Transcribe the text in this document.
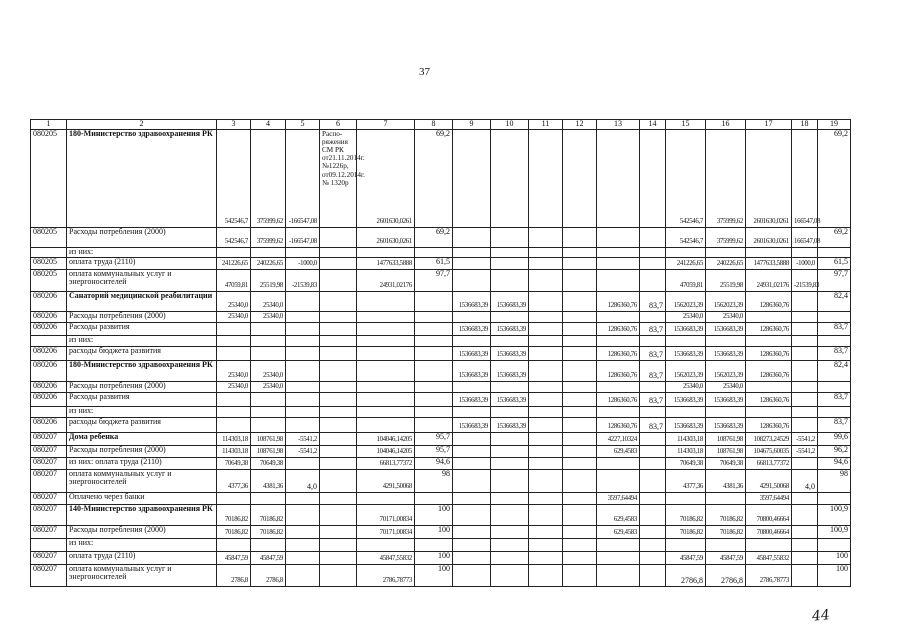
37
1	2	3	4	5	6	7	8	9	10	11	12	13	14	15	16	17	18	19
080205	180-Министерство здравоохранения РК	542546,7	375999,62	-166547,08	Распо-ряжения СМ РК от21.11.2014г. №1226р, от09.12.2014г. № 1320р	2601630,0261	69,2							542546,7	375999,62	2601630,0261	166547,08	69,2
080205	Расходы потребления (2000)	542546,7	375999,62	-166547,08		2601630,0261	69,2							542546,7	375999,62	2601630,0261	166547,08	69,2
	из них:																	
080205	оплата труда (2110)	241226,65	240226,65	-1000,0		1477633,5888	61,5							241226,65	240226,65	1477633,5888	-1000,0	61,5
080205	оплата коммунальных услуг и энергоносителей	47059,81	25519,98	-21539,83		24931,02176	97,7							47059,81	25519,98	24931,02176	-21539,83	97,7
080206	Санаторий медицинской реабилитации	25340,0	25340,0					1536683,39	1536683,39			1286360,76	83,7	1562023,39	1562023,39	1286360,76		82,4
080206	Расходы потребления (2000)	25340,0	25340,0											25340,0	25340,0			
080206	Расходы развития							1536683,39	1536683,39			1286360,76	83,7	1536683,39	1536683,39	1286360,76		83,7
	из них:																	
080206	расходы бюджета развития							1536683,39	1536683,39			1286360,76	83,7	1536683,39	1536683,39	1286360,76		83,7
080206	180-Министерство здравоохранения РК	25340,0	25340,0					1536683,39	1536683,39			1286360,76	83,7	1562023,39	1562023,39	1286360,76		82,4
080206	Расходы потребления (2000)	25340,0	25340,0											25340,0	25340,0			
080206	Расходы развития							1536683,39	1536683,39			1286360,76	83,7	1536683,39	1536683,39	1286360,76		83,7
	из них:																	
080206	расходы бюджета развития							1536683,39	1536683,39			1286360,76	83,7	1536683,39	1536683,39	1286360,76		83,7
080207	Дома ребенка	114303,18	108761,98	-5541,2		104046,14205	95,7					4227,10324		114303,18	108761,98	108273,24529	-5541,2	99,6
080207	Расходы потребления (2000)	114303,18	108761,98	-5541,2		104046,14205	95,7					629,4583		114303,18	108761,98	104675,60035	-5541,2	96,2
080207	из них: оплата труда (2110)	70649,38	70649,38			66813,77372	94,6							70649,38	70649,38	66813,77372		94,6
080207	оплата коммунальных услуг и энергоносителей	4377,36	4381,36	4,0		4291,50068	98							4377,36	4381,36	4291,50068	4,0	98
080207	Оплачено через банки											3597,64494				3597,64494		
080207	140-Министерство здравоохранения РК	70186,82	70186,82			70171,00834	100					629,4583		70186,82	70186,82	70800,46664		100,9
080207	Расходы потребления (2000)	70186,82	70186,82			70171,00834	100					629,4583		70186,82	70186,82	70800,46664		100,9
	из них:																	
080207	оплата труда (2110)	45847,59	45847,59			45847,55832	100							45847,59	45847,59	45847,55832		100
080207	оплата коммунальных услуг и энергоносителей	2786,8	2786,8			2786,78773	100							2786,8	2786,8	2786,78773		100
44
